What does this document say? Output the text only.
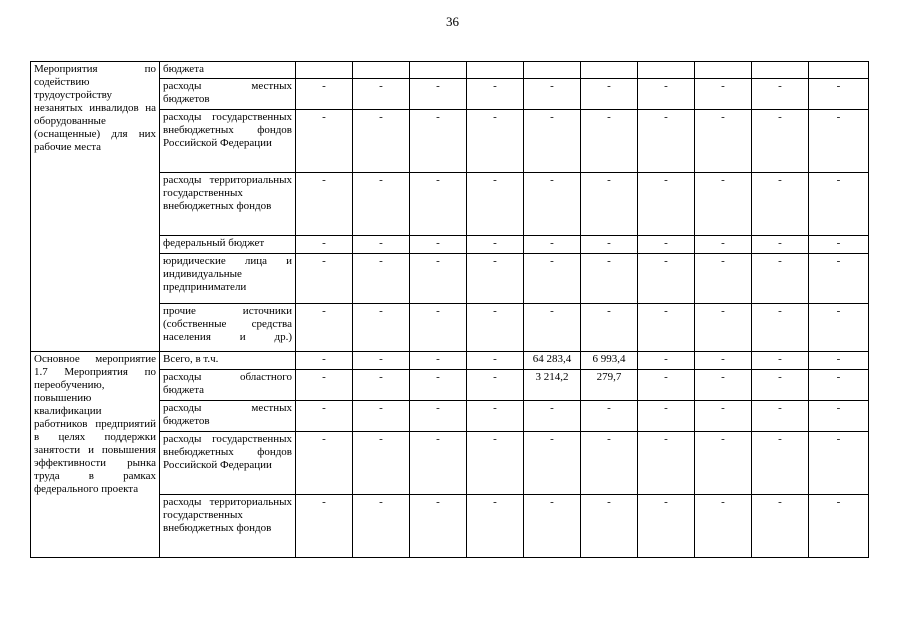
36
Мероприятия по содействию трудоустройству незанятых инвалидов на оборудованные (оснащенные) для них рабочие места	бюджета										
	расходы местных бюджетов	-	-	-	-	-	-	-	-	-	-
	расходы государственных внебюджетных фондов Российской Федерации	-	-	-	-	-	-	-	-	-	-
	расходы территориальных государственных внебюджетных фондов	-	-	-	-	-	-	-	-	-	-
	федеральный бюджет	-	-	-	-	-	-	-	-	-	-
	юридические лица и индивидуальные предприниматели	-	-	-	-	-	-	-	-	-	-
	прочие источники (собственные средства населения и др.)	-	-	-	-	-	-	-	-	-	-
Основное мероприятие 1.7 Мероприятия по переобучению, повышению квалификации работников предприятий в целях поддержки занятости и повышения эффективности рынка труда в рамках федерального проекта	Всего, в т.ч.	-	-	-	-	64 283,4	6 993,4	-	-	-	-
	расходы областного бюджета	-	-	-	-	3 214,2	279,7	-	-	-	-
	расходы местных бюджетов	-	-	-	-	-	-	-	-	-	-
	расходы государственных внебюджетных фондов Российской Федерации	-	-	-	-	-	-	-	-	-	-
	расходы территориальных государственных внебюджетных фондов	-	-	-	-	-	-	-	-	-	-
